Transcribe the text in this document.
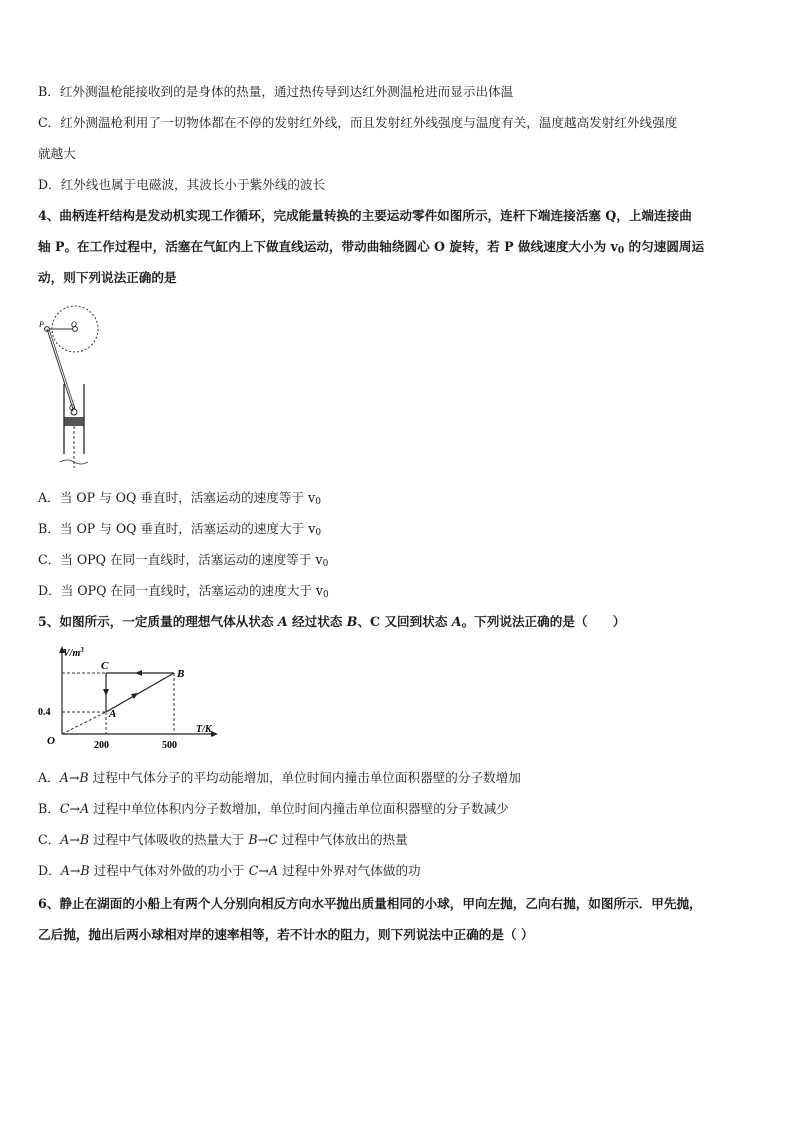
B．红外测温枪能接收到的是身体的热量，通过热传导到达红外测温枪进而显示出体温
C．红外测温枪利用了一切物体都在不停的发射红外线，而且发射红外线强度与温度有关，温度越高发射红外线强度
就越大
D．红外线也属于电磁波，其波长小于紫外线的波长
4、曲柄连杆结构是发动机实现工作循环，完成能量转换的主要运动零件如图所示，连杆下端连接活塞 Q，上端连接曲
轴 P。在工作过程中，活塞在气缸内上下做直线运动，带动曲轴绕圆心 O 旋转，若 P 做线速度大小为 $v_0$ 的匀速圆周运
动，则下列说法正确的是
P	O
Q
A．当 OP 与 OQ 垂直时，活塞运动的速度等于 $v_0$
B．当 OP 与 OQ 垂直时，活塞运动的速度大于 $v_0$
C．当 OPQ 在同一直线时，活塞运动的速度等于 $v_0$
D．当 OPQ 在同一直线时，活塞运动的速度大于 $v_0$
5、如图所示，一定质量的理想气体从状态 A 经过状态 B、C 又回到状态 A。下列说法正确的是（　　）
$V/m^3$
T/K
O
0.4
200	500
A
B
C
A．A→B 过程中气体分子的平均动能增加，单位时间内撞击单位面积器壁的分子数增加
B．C→A 过程中单位体积内分子数增加，单位时间内撞击单位面积器壁的分子数减少
C．A→B 过程中气体吸收的热量大于 B→C 过程中气体放出的热量
D．A→B 过程中气体对外做的功小于 C→A 过程中外界对气体做的功
6、静止在湖面的小船上有两个人分别向相反方向水平抛出质量相同的小球，甲向左抛，乙向右抛，如图所示．甲先抛，
乙后抛，抛出后两小球相对岸的速率相等，若不计水的阻力，则下列说法中正确的是（ ）
